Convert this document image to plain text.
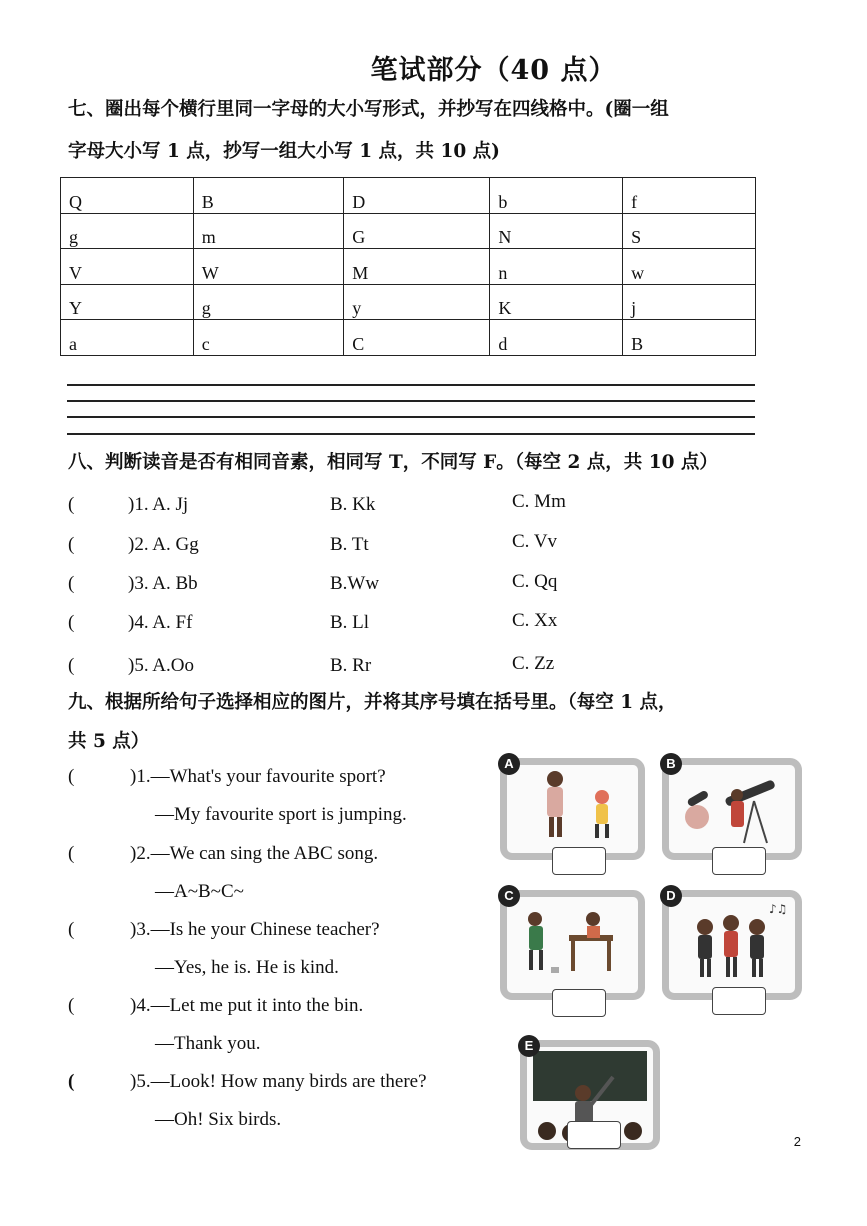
笔试部分（40 点）
七、圈出每个横行里同一字母的大小写形式，并抄写在四线格中。(圈一组
字母大小写 1 点，抄写一组大小写 1 点，共 10 点)
Q	B	D	b	f
g	m	G	N	S
V	W	M	n	w
Y	g	y	K	j
a	c	C	d	B
八、判断读音是否有相同音素，相同写 T，不同写 F。（每空 2 点，共 10 点）
(	)1. A. Jj	B. Kk	C. Mm
(	)2. A. Gg	B. Tt	C. Vv
(	)3. A. Bb	B.Ww	C. Qq
(	)4. A. Ff	B. Ll	C. Xx
(	)5. A.Oo	B. Rr	C. Zz
九、根据所给句子选择相应的图片，并将其序号填在括号里。（每空 1 点，
共 5 点）
(	)1.—What's your favourite sport?
—My favourite sport is jumping.
(	)2.—We can sing the ABC song.
—A~B~C~
(	)3.—Is he your Chinese teacher?
—Yes, he is. He is kind.
(	)4.—Let me put it into the bin.
—Thank you.
(	)5.—Look! How many birds are there?
—Oh! Six birds.
A	B
C
♪♫
D
E
2
